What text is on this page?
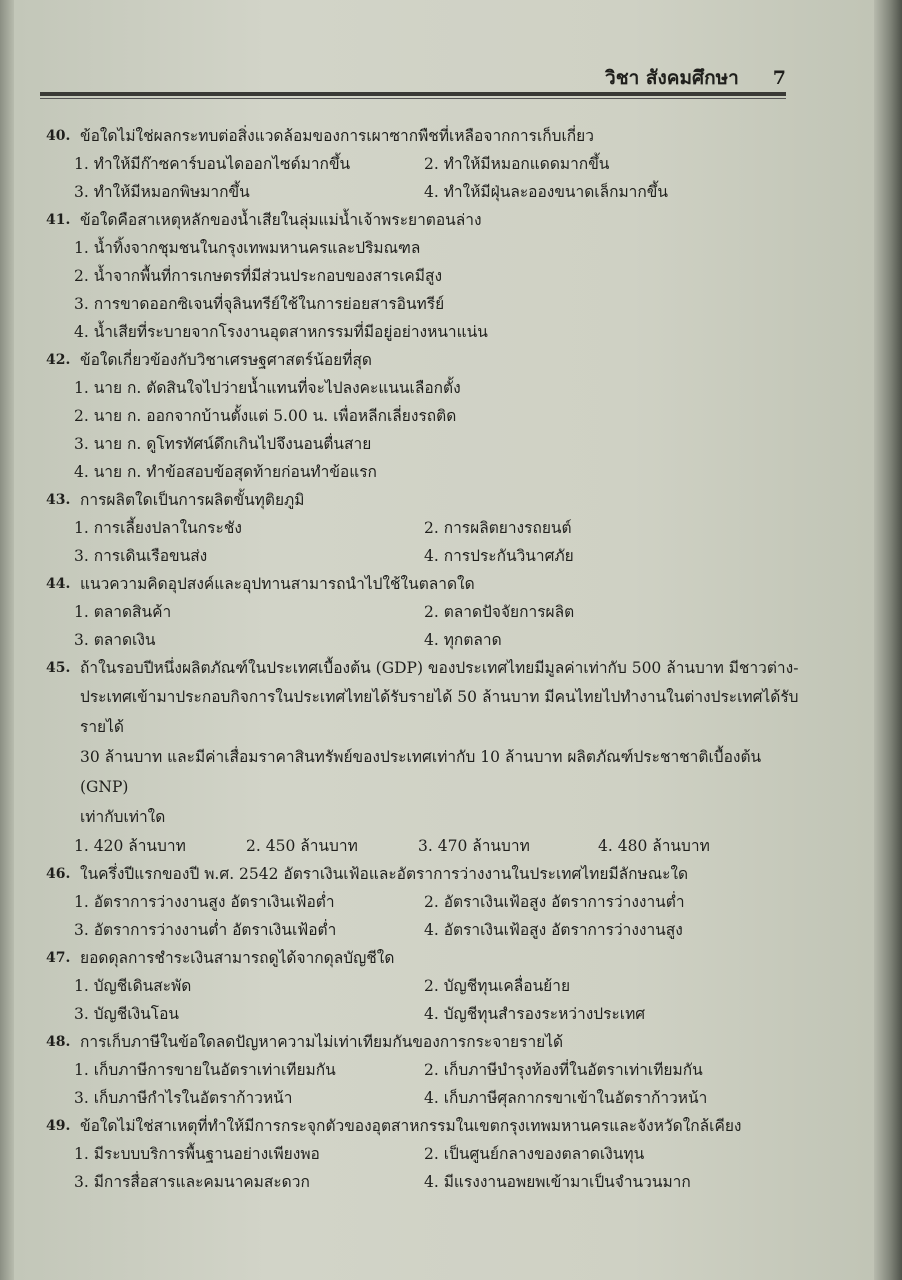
วิชา สังคมศึกษา 7
40. ข้อใดไม่ใช่ผลกระทบต่อสิ่งแวดล้อมของการเผาซากพืชที่เหลือจากการเก็บเกี่ยว
1. ทำให้มีก๊าซคาร์บอนไดออกไซด์มากขึ้น	2. ทำให้มีหมอกแดดมากขึ้น
3. ทำให้มีหมอกพิษมากขึ้น	4. ทำให้มีฝุ่นละอองขนาดเล็กมากขึ้น
41. ข้อใดคือสาเหตุหลักของน้ำเสียในลุ่มแม่น้ำเจ้าพระยาตอนล่าง
1. น้ำทิ้งจากชุมชนในกรุงเทพมหานครและปริมณฑล
2. น้ำจากพื้นที่การเกษตรที่มีส่วนประกอบของสารเคมีสูง
3. การขาดออกซิเจนที่จุลินทรีย์ใช้ในการย่อยสารอินทรีย์
4. น้ำเสียที่ระบายจากโรงงานอุตสาหกรรมที่มีอยู่อย่างหนาแน่น
42. ข้อใดเกี่ยวข้องกับวิชาเศรษฐศาสตร์น้อยที่สุด
1. นาย ก. ตัดสินใจไปว่ายน้ำแทนที่จะไปลงคะแนนเลือกตั้ง
2. นาย ก. ออกจากบ้านตั้งแต่ 5.00 น. เพื่อหลีกเลี่ยงรถติด
3. นาย ก. ดูโทรทัศน์ดึกเกินไปจึงนอนตื่นสาย
4. นาย ก. ทำข้อสอบข้อสุดท้ายก่อนทำข้อแรก
43. การผลิตใดเป็นการผลิตขั้นทุติยภูมิ
1. การเลี้ยงปลาในกระชัง	2. การผลิตยางรถยนต์
3. การเดินเรือขนส่ง	4. การประกันวินาศภัย
44. แนวความคิดอุปสงค์และอุปทานสามารถนำไปใช้ในตลาดใด
1. ตลาดสินค้า	2. ตลาดปัจจัยการผลิต
3. ตลาดเงิน	4. ทุกตลาด
45. ถ้าในรอบปีหนึ่งผลิตภัณฑ์ในประเทศเบื้องต้น (GDP) ของประเทศไทยมีมูลค่าเท่ากับ 500 ล้านบาท มีชาวต่าง-
ประเทศเข้ามาประกอบกิจการในประเทศไทยได้รับรายได้ 50 ล้านบาท มีคนไทยไปทำงานในต่างประเทศได้รับรายได้
30 ล้านบาท และมีค่าเสื่อมราคาสินทรัพย์ของประเทศเท่ากับ 10 ล้านบาท ผลิตภัณฑ์ประชาชาติเบื้องต้น (GNP)
เท่ากับเท่าใด
1. 420 ล้านบาท	2. 450 ล้านบาท	3. 470 ล้านบาท	4. 480 ล้านบาท
46. ในครึ่งปีแรกของปี พ.ศ. 2542 อัตราเงินเฟ้อและอัตราการว่างงานในประเทศไทยมีลักษณะใด
1. อัตราการว่างงานสูง อัตราเงินเฟ้อต่ำ	2. อัตราเงินเฟ้อสูง อัตราการว่างงานต่ำ
3. อัตราการว่างงานต่ำ อัตราเงินเฟ้อต่ำ	4. อัตราเงินเฟ้อสูง อัตราการว่างงานสูง
47. ยอดดุลการชำระเงินสามารถดูได้จากดุลบัญชีใด
1. บัญชีเดินสะพัด	2. บัญชีทุนเคลื่อนย้าย
3. บัญชีเงินโอน	4. บัญชีทุนสำรองระหว่างประเทศ
48. การเก็บภาษีในข้อใดลดปัญหาความไม่เท่าเทียมกันของการกระจายรายได้
1. เก็บภาษีการขายในอัตราเท่าเทียมกัน	2. เก็บภาษีบำรุงท้องที่ในอัตราเท่าเทียมกัน
3. เก็บภาษีกำไรในอัตราก้าวหน้า	4. เก็บภาษีศุลกากรขาเข้าในอัตราก้าวหน้า
49. ข้อใดไม่ใช่สาเหตุที่ทำให้มีการกระจุกตัวของอุตสาหกรรมในเขตกรุงเทพมหานครและจังหวัดใกล้เคียง
1. มีระบบบริการพื้นฐานอย่างเพียงพอ	2. เป็นศูนย์กลางของตลาดเงินทุน
3. มีการสื่อสารและคมนาคมสะดวก	4. มีแรงงานอพยพเข้ามาเป็นจำนวนมาก
